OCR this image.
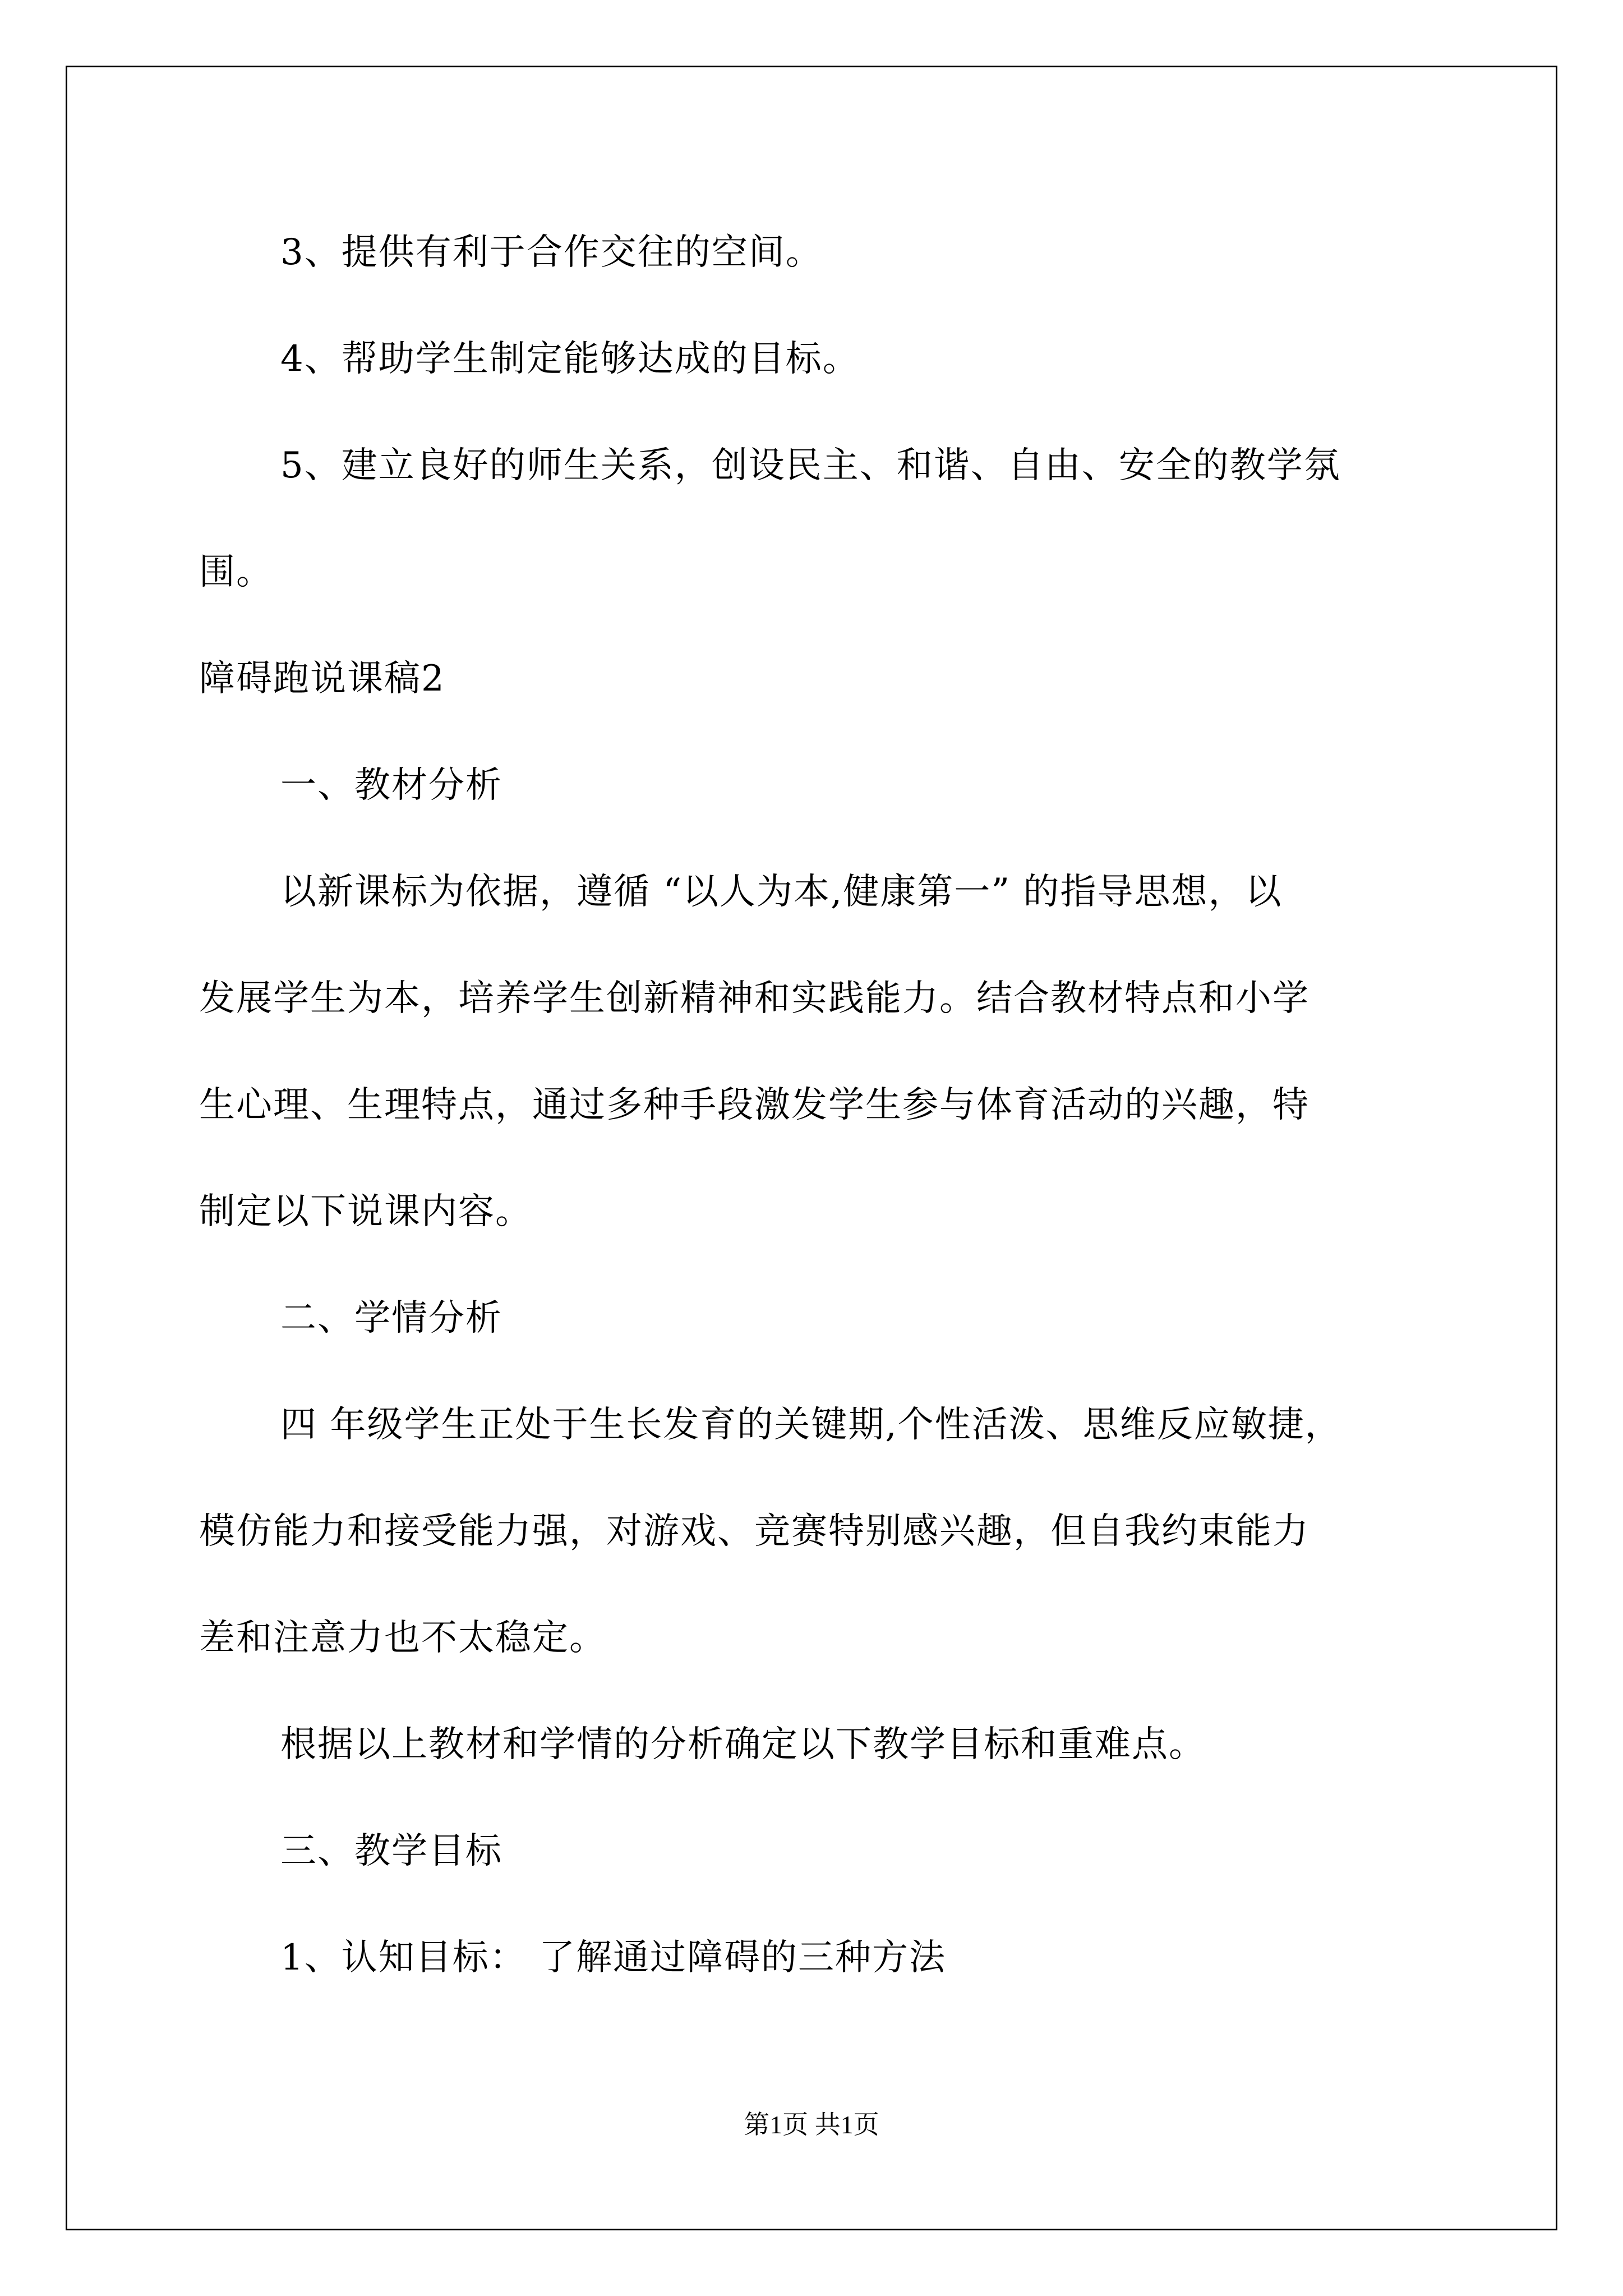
3、提供有利于合作交往的空间。

4、帮助学生制定能够达成的目标。

5、建立良好的师生关系，创设民主、和谐、自由、安全的教学氛

围。

障碍跑说课稿2

一、教材分析

以新课标为依据，遵循 “以人为本,健康第一” 的指导思想，以

发展学生为本，培养学生创新精神和实践能力。结合教材特点和小学

生心理、生理特点，通过多种手段激发学生参与体育活动的兴趣，特

制定以下说课内容。

二、学情分析

四 年级学生正处于生长发育的关键期,个性活泼、思维反应敏捷，

模仿能力和接受能力强，对游戏、竞赛特别感兴趣，但自我约束能力

差和注意力也不太稳定。

根据以上教材和学情的分析确定以下教学目标和重难点。

三、教学目标

1、认知目标： 了解通过障碍的三种方法

第1页 共1页
